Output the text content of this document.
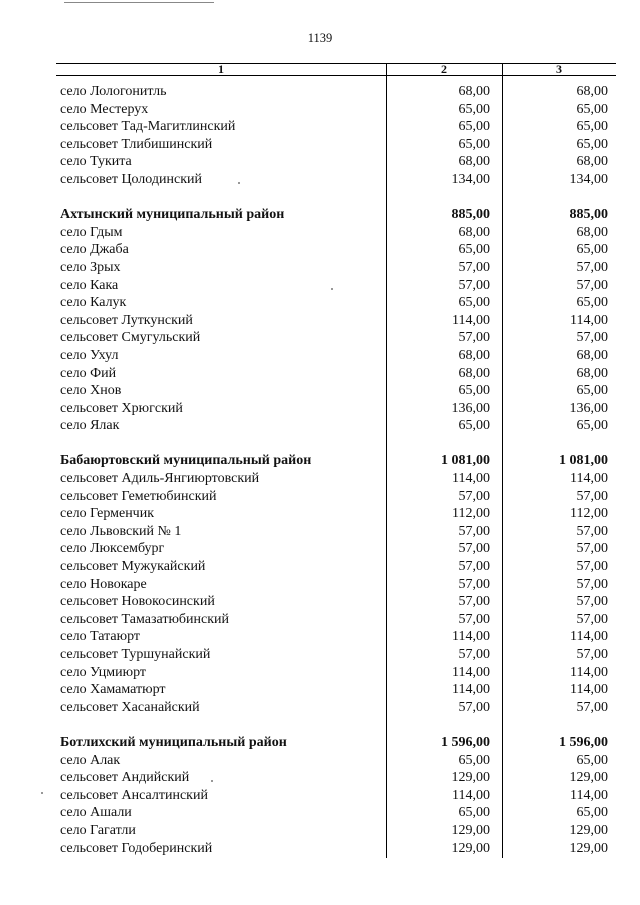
1139
1	2	3
село Лологонитль	68,00	68,00
село Местерух	65,00	65,00
сельсовет Тад-Магитлинский	65,00	65,00
сельсовет Тлибишинский	65,00	65,00
село Тукита	68,00	68,00
сельсовет Цолодинский	134,00	134,00
Ахтынский муниципальный район	885,00	885,00
село Гдым	68,00	68,00
село Джаба	65,00	65,00
село Зрых	57,00	57,00
село Кака	57,00	57,00
село Калук	65,00	65,00
сельсовет Луткунский	114,00	114,00
сельсовет Смугульский	57,00	57,00
село Ухул	68,00	68,00
село Фий	68,00	68,00
село Хнов	65,00	65,00
сельсовет Хрюгский	136,00	136,00
село Ялак	65,00	65,00
Бабаюртовский муниципальный район	1 081,00	1 081,00
сельсовет Адиль-Янгиюртовский	114,00	114,00
сельсовет Геметюбинский	57,00	57,00
село Герменчик	112,00	112,00
село Львовский № 1	57,00	57,00
село Люксембург	57,00	57,00
сельсовет Мужукайский	57,00	57,00
село Новокаре	57,00	57,00
сельсовет Новокосинский	57,00	57,00
сельсовет Тамазатюбинский	57,00	57,00
село Татаюрт	114,00	114,00
сельсовет Туршунайский	57,00	57,00
село Уцмиюрт	114,00	114,00
село Хамаматюрт	114,00	114,00
сельсовет Хасанайский	57,00	57,00
Ботлихский муниципальный район	1 596,00	1 596,00
село Алак	65,00	65,00
сельсовет Андийский	129,00	129,00
сельсовет Ансалтинский	114,00	114,00
село Ашали	65,00	65,00
село Гагатли	129,00	129,00
сельсовет Годоберинский	129,00	129,00
